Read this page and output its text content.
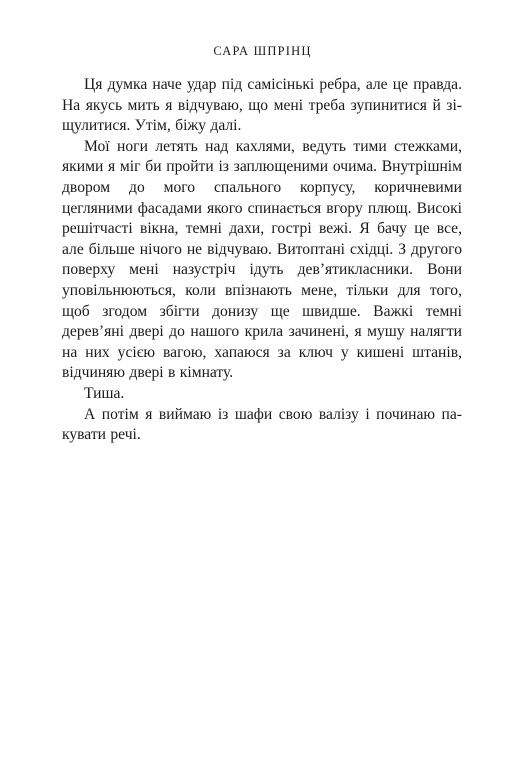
САРА ШПРІНЦ

Ця думка наче удар під самісінькі ребра, але це правда. На якусь мить я відчуваю, що мені треба зупинитися й зіщулитися. Утім, біжу далі.

Мої ноги летять над кахлями, ведуть тими стежками, якими я міг би пройти із заплющеними очима. Внутрішнім двором до мого спального корпусу, коричневими цегляними фасадами якого спинається вгору плющ. Високі решітчасті вікна, темні дахи, гострі вежі. Я бачу це все, але більше нічого не відчуваю. Витоптані східці. З другого поверху мені назустріч ідуть дев’ятикласники. Вони уповільнюються, коли впізнають мене, тільки для того, щоб згодом збігти донизу ще швидше. Важкі темні дерев’яні двері до нашого крила зачинені, я мушу налягти на них усією вагою, хапаюся за ключ у кишені штанів, відчиняю двері в кімнату.

Тиша.

А потім я виймаю із шафи свою валізу і починаю пакувати речі.
